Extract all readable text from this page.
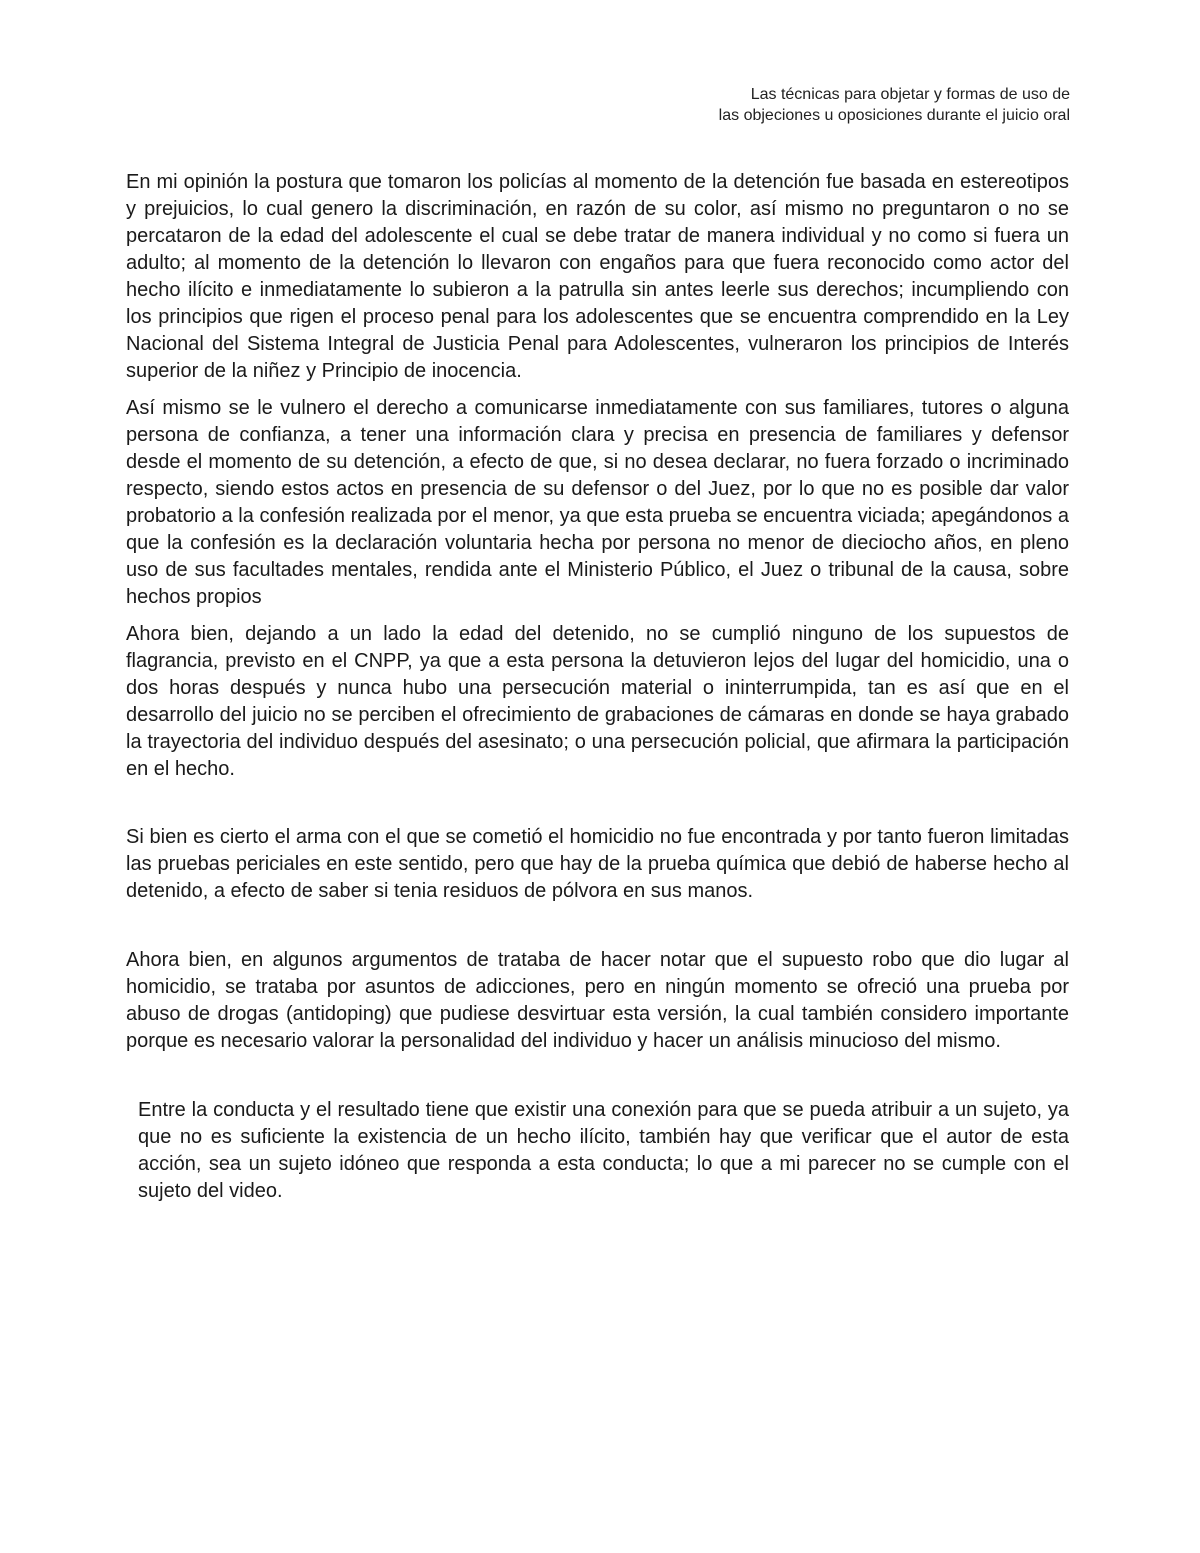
Las técnicas para objetar y formas de uso de
las objeciones u oposiciones durante el juicio oral

En mi opinión la postura que tomaron los policías al momento de la detención fue basada en estereotipos y prejuicios, lo cual genero la discriminación, en razón de su color, así mismo no preguntaron o no se percataron de la edad del adolescente el cual se debe tratar de manera individual y no como si fuera un adulto; al momento de la detención lo llevaron con engaños para que fuera reconocido como actor del hecho ilícito e inmediatamente lo subieron a la patrulla sin antes leerle sus derechos; incumpliendo con los principios que rigen el proceso penal para los adolescentes que se encuentra comprendido en la Ley Nacional del Sistema Integral de Justicia Penal para Adolescentes, vulneraron los principios de Interés superior de la niñez y Principio de inocencia.

Así mismo se le vulnero el derecho a comunicarse inmediatamente con sus familiares, tutores o alguna persona de confianza, a tener una información clara y precisa en presencia de familiares y defensor desde el momento de su detención, a efecto de que, si no desea declarar, no fuera forzado o incriminado respecto, siendo estos actos en presencia de su defensor o del Juez, por lo que no es posible dar valor probatorio a la confesión realizada por el menor, ya que esta prueba se encuentra viciada; apegándonos a que la confesión es la declaración voluntaria hecha por persona no menor de dieciocho años, en pleno uso de sus facultades mentales, rendida ante el Ministerio Público, el Juez o tribunal de la causa, sobre hechos propios

Ahora bien, dejando a un lado la edad del detenido, no se cumplió ninguno de los supuestos de flagrancia, previsto en el CNPP, ya que a esta persona la detuvieron lejos del lugar del homicidio, una o dos horas después y nunca hubo una persecución material o ininterrumpida, tan es así que en el desarrollo del juicio no se perciben el ofrecimiento de grabaciones de cámaras en donde se haya grabado la trayectoria del individuo después del asesinato; o una persecución policial, que afirmara la participación en el hecho.

Si bien es cierto el arma con el que se cometió el homicidio no fue encontrada y por tanto fueron limitadas las pruebas periciales en este sentido, pero que hay de la prueba química que debió de haberse hecho al detenido, a efecto de saber si tenia residuos de pólvora en sus manos.

Ahora bien, en algunos argumentos de trataba de hacer notar que el supuesto robo que dio lugar al homicidio, se trataba por asuntos de adicciones, pero en ningún momento se ofreció una prueba por abuso de drogas (antidoping) que pudiese desvirtuar esta versión, la cual también considero importante porque es necesario valorar la personalidad del individuo y hacer un análisis minucioso del mismo.

Entre la conducta y el resultado tiene que existir una conexión para que se pueda atribuir a un sujeto, ya que no es suficiente la existencia de un hecho ilícito, también hay que verificar que el autor de esta acción, sea un sujeto idóneo que responda a esta conducta; lo que a mi parecer no se cumple con el sujeto del video.
